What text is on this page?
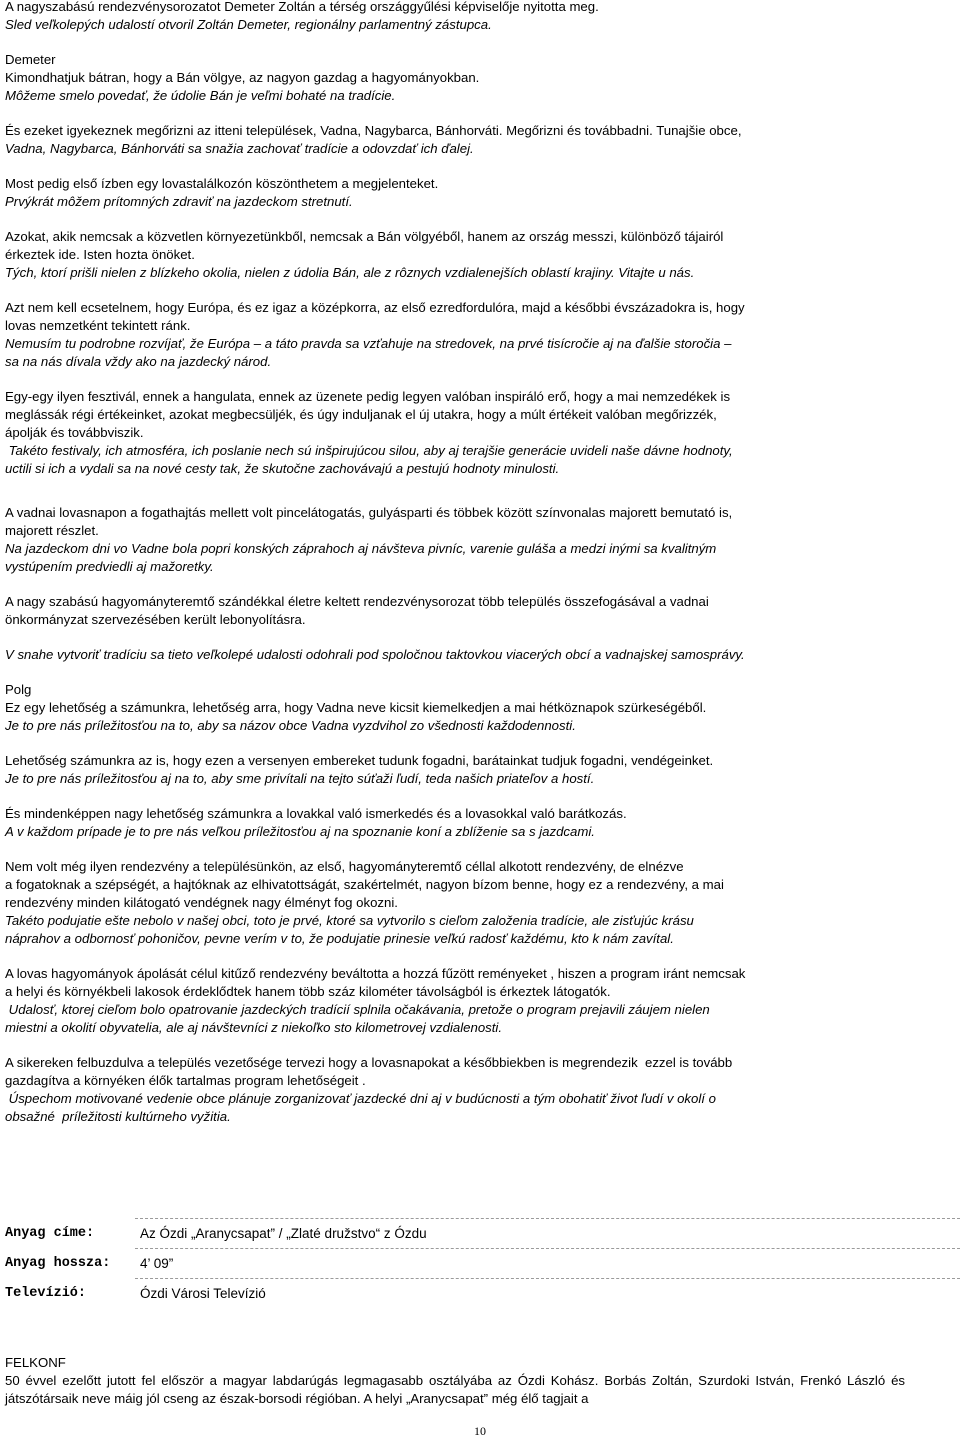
A nagyszabású rendezvénysorozatot Demeter Zoltán a térség országgyűlési képviselője nyitotta meg.
Sled veľkolepých udalostí otvoril Zoltán Demeter, regionálny parlamentný zástupca.
Demeter
Kimondhatjuk bátran, hogy a Bán völgye, az nagyon gazdag a hagyományokban.
Môžeme smelo povedať, že údolie Bán je veľmi bohaté na tradície.
És ezeket igyekeznek megőrizni az itteni települések, Vadna, Nagybarca, Bánhorváti. Megőrizni és továbbadni. Tunajšie obce,
Vadna, Nagybarca, Bánhorváti sa snažia zachovať tradície a odovzdať ich ďalej.
Most pedig első ízben egy lovastalálkozón köszönthetem a megjelenteket.
Prvýkrát môžem prítomných zdraviť na jazdeckom stretnutí.
Azokat, akik nemcsak a közvetlen környezetünkből, nemcsak a Bán völgyéből, hanem az ország messzi, különböző tájairól
érkeztek ide. Isten hozta önöket.
Tých, ktorí prišli nielen z blízkeho okolia, nielen z údolia Bán, ale z rôznych vzdialenejších oblastí krajiny. Vitajte u nás.
Azt nem kell ecsetelnem, hogy Európa, és ez igaz a középkorra, az első ezredfordulóra, majd a későbbi évszázadokra is, hogy
lovas nemzetként tekintett ránk.
Nemusím tu podrobne rozvíjať, že Európa – a táto pravda sa vzťahuje na stredovek, na prvé tisícročie aj na ďalšie storočia –
sa na nás dívala vždy ako na jazdecký národ.
Egy-egy ilyen fesztivál, ennek a hangulata, ennek az üzenete pedig legyen valóban inspiráló erő, hogy a mai nemzedékek is
meglássák régi értékeinket, azokat megbecsüljék, és úgy induljanak el új utakra, hogy a múlt értékeit valóban megőrizzék,
ápolják és továbbviszik.
Takéto festivaly, ich atmosféra, ich poslanie nech sú inšpirujúcou silou, aby aj terajšie generácie uvideli naše dávne hodnoty,
uctili si ich a vydali sa na nové cesty tak, že skutočne zachovávajú a pestujú hodnoty minulosti.
A vadnai lovasnapon a fogathajtás mellett volt pincelátogatás, gulyásparti és többek között színvonalas majorett bemutató is,
majorett részlet.
Na jazdeckom dni vo Vadne bola popri konských záprahoch aj návšteva pivníc, varenie guláša a medzi inými sa kvalitným
vystúpením predviedli aj mažoretky.
A nagy szabású hagyományteremtő szándékkal életre keltett rendezvénysorozat több település összefogásával a vadnai
önkormányzat szervezésében került lebonyolításra.
V snahe vytvoriť tradíciu sa tieto veľkolepé udalosti odohrali pod spoločnou taktovkou viacerých obcí a vadnajskej samosprávy.
Polg
Ez egy lehetőség a számunkra, lehetőség arra, hogy Vadna neve kicsit kiemelkedjen a mai hétköznapok szürkeségéből.
Je to pre nás príležitosťou na to, aby sa názov obce Vadna vyzdvihol zo všednosti každodennosti.
Lehetőség számunkra az is, hogy ezen a versenyen embereket tudunk fogadni, barátainkat tudjuk fogadni, vendégeinket.
Je to pre nás príležitosťou aj na to, aby sme privítali na tejto súťaži ľudí, teda našich priateľov a hostí.
És mindenképpen nagy lehetőség számunkra a lovakkal való ismerkedés és a lovasokkal való barátkozás.
A v každom prípade je to pre nás veľkou príležitosťou aj na spoznanie koní a zblíženie sa s jazdcami.
Nem volt még ilyen rendezvény a településünkön, az első, hagyományteremtő céllal alkotott rendezvény, de elnézve
a fogatoknak a szépségét, a hajtóknak az elhivatottságát, szakértelmét, nagyon bízom benne, hogy ez a rendezvény, a mai
rendezvény minden kilátogató vendégnek nagy élményt fog okozni.
Takéto podujatie ešte nebolo v našej obci, toto je prvé, ktoré sa vytvorilo s cieľom založenia tradície, ale zisťujúc krásu
náprahov a odbornosť pohoničov, pevne verím v to, že podujatie prinesie veľkú radosť každému, kto k nám zavítal.
A lovas hagyományok ápolását célul kitűző rendezvény beváltotta a hozzá fűzött reményeket , hiszen a program iránt nemcsak
a helyi és környékbeli lakosok érdeklődtek hanem több száz kilométer távolságból is érkeztek látogatók.
Udalosť, ktorej cieľom bolo opatrovanie jazdeckých tradícií splnila očakávania, pretože o program prejavili záujem nielen
miestni a okolití obyvatelia, ale aj návštevníci z niekoľko sto kilometrovej vzdialenosti.
A sikereken felbuzdulva a település vezetősége tervezi hogy a lovasnapokat a későbbiekben is megrendezik  ezzel is tovább
gazdagítva a környéken élők tartalmas program lehetőségeit .
Úspechom motivované vedenie obce plánuje zorganizovať jazdecké dni aj v budúcnosti a tým obohatiť život ľudí v okolí o
obsažné  príležitosti kultúrneho vyžitia.
Anyag címe:	Az Ózdi „Aranycsapat” / „Zlaté družstvo“ z Ózdu
Anyag hossza:	4’ 09”
Televízió:	Ózdi Városi Televízió
FELKONF
50 évvel ezelőtt jutott fel először a magyar labdarúgás legmagasabb osztályába az Ózdi Kohász. Borbás Zoltán, Szurdoki István, Frenkó László és játszótársaik neve máig jól cseng az észak-borsodi régióban. A helyi „Aranycsapat” még élő tagjait a
10
